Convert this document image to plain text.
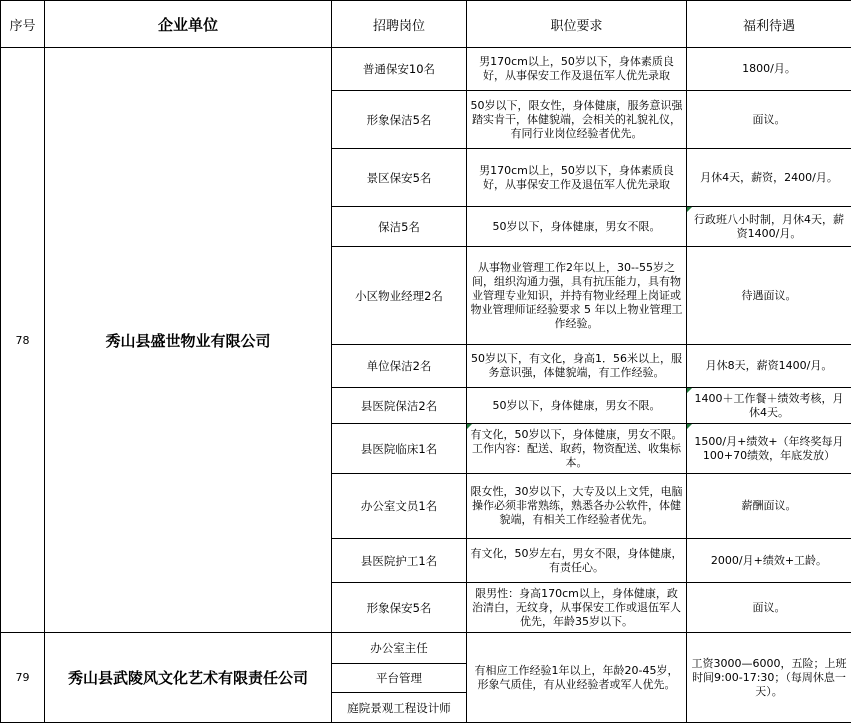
序号	企业单位	招聘岗位	职位要求	福利待遇
78	秀山县盛世物业有限公司	普通保安10名	男170cm以上，50岁以下，身体素质良好，从事保安工作及退伍军人优先录取	1800/月。
		形象保洁5名	50岁以下，限女性，身体健康，服务意识强踏实肯干，体健貌端，会相关的礼貌礼仪，有同行业岗位经验者优先。	面议。
		景区保安5名	男170cm以上，50岁以下，身体素质良好，从事保安工作及退伍军人优先录取	月休4天，薪资，2400/月。
		保洁5名	50岁以下，身体健康，男女不限。	行政班八小时制，月休4天，薪资1400/月。
		小区物业经理2名	从事物业管理工作2年以上，30--55岁之间，组织沟通力强，具有抗压能力，具有物业管理专业知识，并持有物业经理上岗证或物业管理师证经验要求 5 年以上物业管理工作经验。	待遇面议。
		单位保洁2名	50岁以下，有文化，身高1．56米以上，服务意识强，体健貌端，有工作经验。	月休8天，薪资1400/月。
		县医院保洁2名	50岁以下，身体健康，男女不限。	1400＋工作餐＋绩效考核，月休4天。
		县医院临床1名	有文化，50岁以下，身体健康，男女不限。工作内容：配送、取药，物资配送、收集标本。	1500/月+绩效+（年终奖每月100+70绩效，年底发放）
		办公室文员1名	限女性，30岁以下，大专及以上文凭，电脑操作必须非常熟练，熟悉各办公软件，体健貌端，有相关工作经验者优先。	薪酬面议。
		县医院护工1名	有文化，50岁左右，男女不限，身体健康，有责任心。	2000/月+绩效+工龄。
		形象保安5名	限男性：身高170cm以上，身体健康，政治清白，无纹身，从事保安工作或退伍军人优先，年龄35岁以下。	面议。
79	秀山县武陵风文化艺术有限责任公司	办公室主任	有相应工作经验1年以上，年龄20-45岁，形象气质佳，有从业经验者或军人优先。	工资3000—6000，五险；上班时间9:00-17:30；（每周休息一天）。
		平台管理		
		庭院景观工程设计师		
